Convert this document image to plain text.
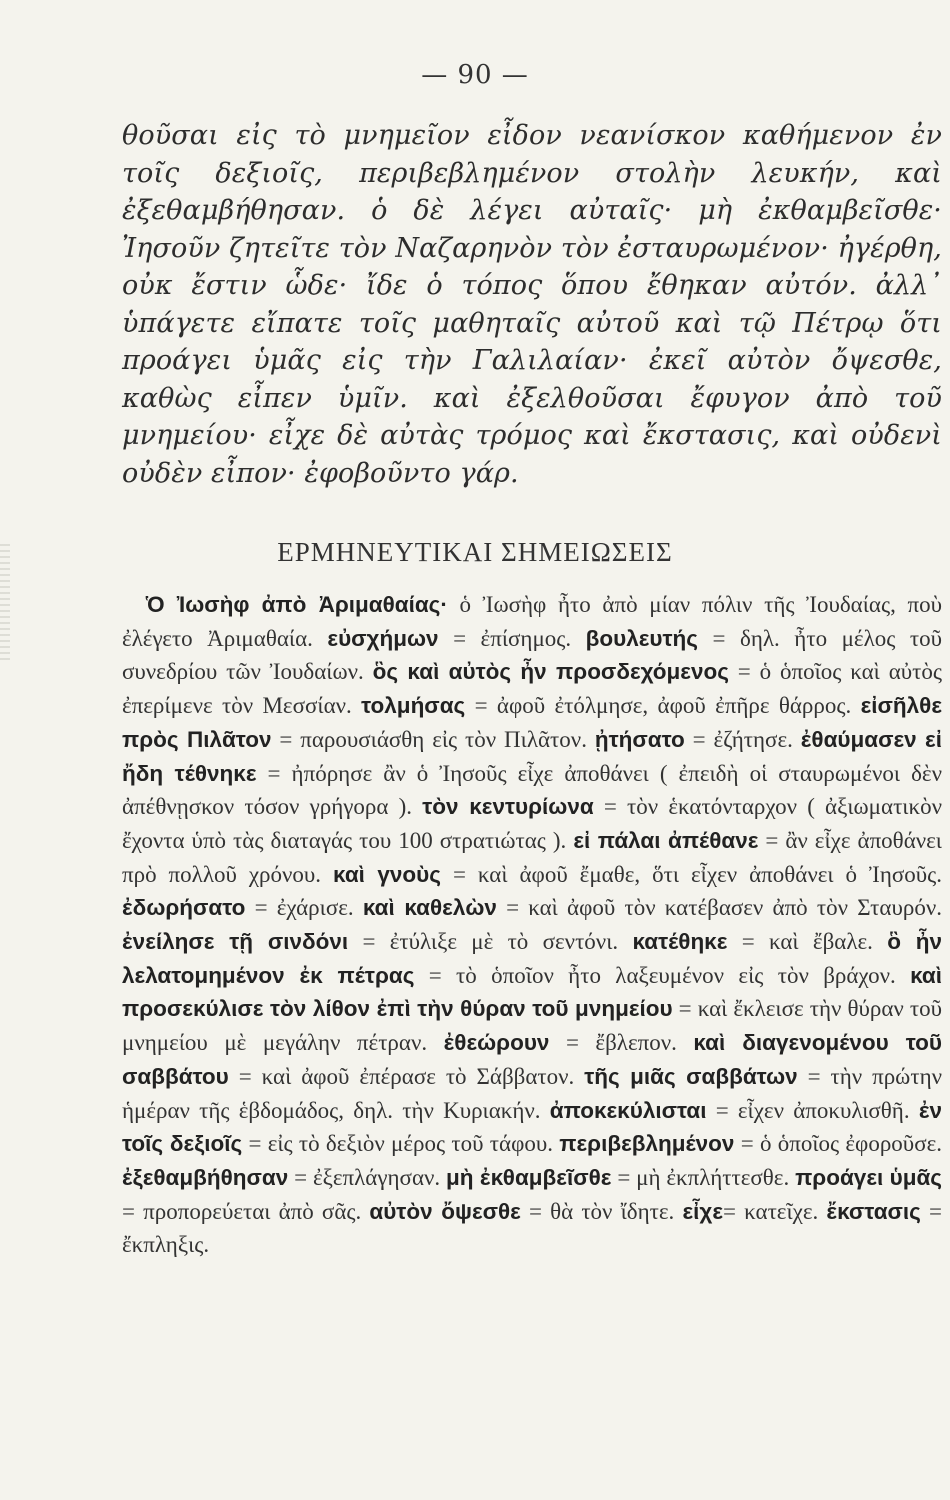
— 90 —
θοῦσαι εἰς τὸ μνημεῖον εἶδον νεανίσκον καθήμενον ἐν τοῖς δεξιοῖς, περιβεβλημένον στολὴν λευκήν, καὶ ἐξεθαμβήθησαν. ὁ δὲ λέγει αὐταῖς· μὴ ἐκθαμβεῖσθε· Ἰησοῦν ζητεῖτε τὸν Ναζαρηνὸν τὸν ἐσταυρωμένον· ἠγέρθη, οὐκ ἔστιν ὧδε· ἴδε ὁ τόπος ὅπου ἔθηκαν αὐτόν. ἀλλ᾽ ὑπάγετε εἴπατε τοῖς μαθηταῖς αὐτοῦ καὶ τῷ Πέτρῳ ὅτι προάγει ὑμᾶς εἰς τὴν Γαλιλαίαν· ἐκεῖ αὐτὸν ὄψεσθε, καθὼς εἶπεν ὑμῖν. καὶ ἐξελθοῦσαι ἔφυγον ἀπὸ τοῦ μνημείου· εἶχε δὲ αὐτὰς τρόμος καὶ ἔκστασις, καὶ οὐδενὶ οὐδὲν εἶπον· ἐφοβοῦντο γάρ.
ΕΡΜΗΝΕΥΤΙΚΑΙ ΣΗΜΕΙΩΣΕΙΣ

Ὁ Ἰωσὴφ ἀπὸ Ἀριμαθαίας· ὁ Ἰωσὴφ ἦτο ἀπὸ μίαν πόλιν τῆς Ἰουδαίας, ποὺ ἐλέγετο Ἀριμαθαία. εὐσχήμων = ἐπίσημος. βουλευτής = δηλ. ἦτο μέλος τοῦ συνεδρίου τῶν Ἰουδαίων. ὃς καὶ αὐτὸς ἦν προσδεχόμενος = ὁ ὁποῖος καὶ αὐτὸς ἐπερίμενε τὸν Μεσσίαν. τολμήσας = ἀφοῦ ἐτόλμησε, ἀφοῦ ἐπῆρε θάρρος. εἰσῆλθε πρὸς Πιλᾶτον = παρουσιάσθη εἰς τὸν Πιλᾶτον. ᾐτήσατο = ἐζήτησε. ἐθαύμασεν εἰ ἤδη τέθνηκε = ἠπόρησε ἂν ὁ Ἰησοῦς εἶχε ἀποθάνει ( ἐπειδὴ οἱ σταυρωμένοι δὲν ἀπέθνῃσκον τόσον γρήγορα ). τὸν κεντυρίωνα = τὸν ἑκατόνταρχον ( ἀξιωματικὸν ἔχοντα ὑπὸ τὰς διαταγάς του 100 στρατιώτας ). εἰ πάλαι ἀπέθανε = ἂν εἶχε ἀποθάνει πρὸ πολλοῦ χρόνου. καὶ γνοὺς = καὶ ἀφοῦ ἔμαθε, ὅτι εἶχεν ἀποθάνει ὁ Ἰησοῦς. ἐδωρήσατο = ἐχάρισε. καὶ καθελὼν = καὶ ἀφοῦ τὸν κατέβασεν ἀπὸ τὸν Σταυρόν. ἐνείλησε τῇ σινδόνι = ἐτύλιξε μὲ τὸ σεντόνι. κατέθηκε = καὶ ἔβαλε. ὃ ἦν λελατομημένον ἐκ πέτρας = τὸ ὁποῖον ἦτο λαξευμένον εἰς τὸν βράχον. καὶ προσεκύλισε τὸν λίθον ἐπὶ τὴν θύραν τοῦ μνημείου = καὶ ἔκλεισε τὴν θύραν τοῦ μνημείου μὲ μεγάλην πέτραν. ἐθεώρουν = ἔβλεπον. καὶ διαγενομένου τοῦ σαββάτου = καὶ ἀφοῦ ἐπέρασε τὸ Σάββατον. τῆς μιᾶς σαββάτων = τὴν πρώτην ἡμέραν τῆς ἑβδομάδος, δηλ. τὴν Κυριακήν. ἀποκεκύλισται = εἶχεν ἀποκυλισθῆ. ἐν τοῖς δεξιοῖς = εἰς τὸ δεξιὸν μέρος τοῦ τάφου. περιβεβλημένον = ὁ ὁποῖος ἐφοροῦσε. ἐξεθαμβήθησαν = ἐξεπλάγησαν. μὴ ἐκθαμβεῖσθε = μὴ ἐκπλήττεσθε. προάγει ὑμᾶς = προπορεύεται ἀπὸ σᾶς. αὐτὸν ὄψεσθε = θὰ τὸν ἴδητε. εἶχε= κατεῖχε. ἔκστασις = ἔκπληξις.
